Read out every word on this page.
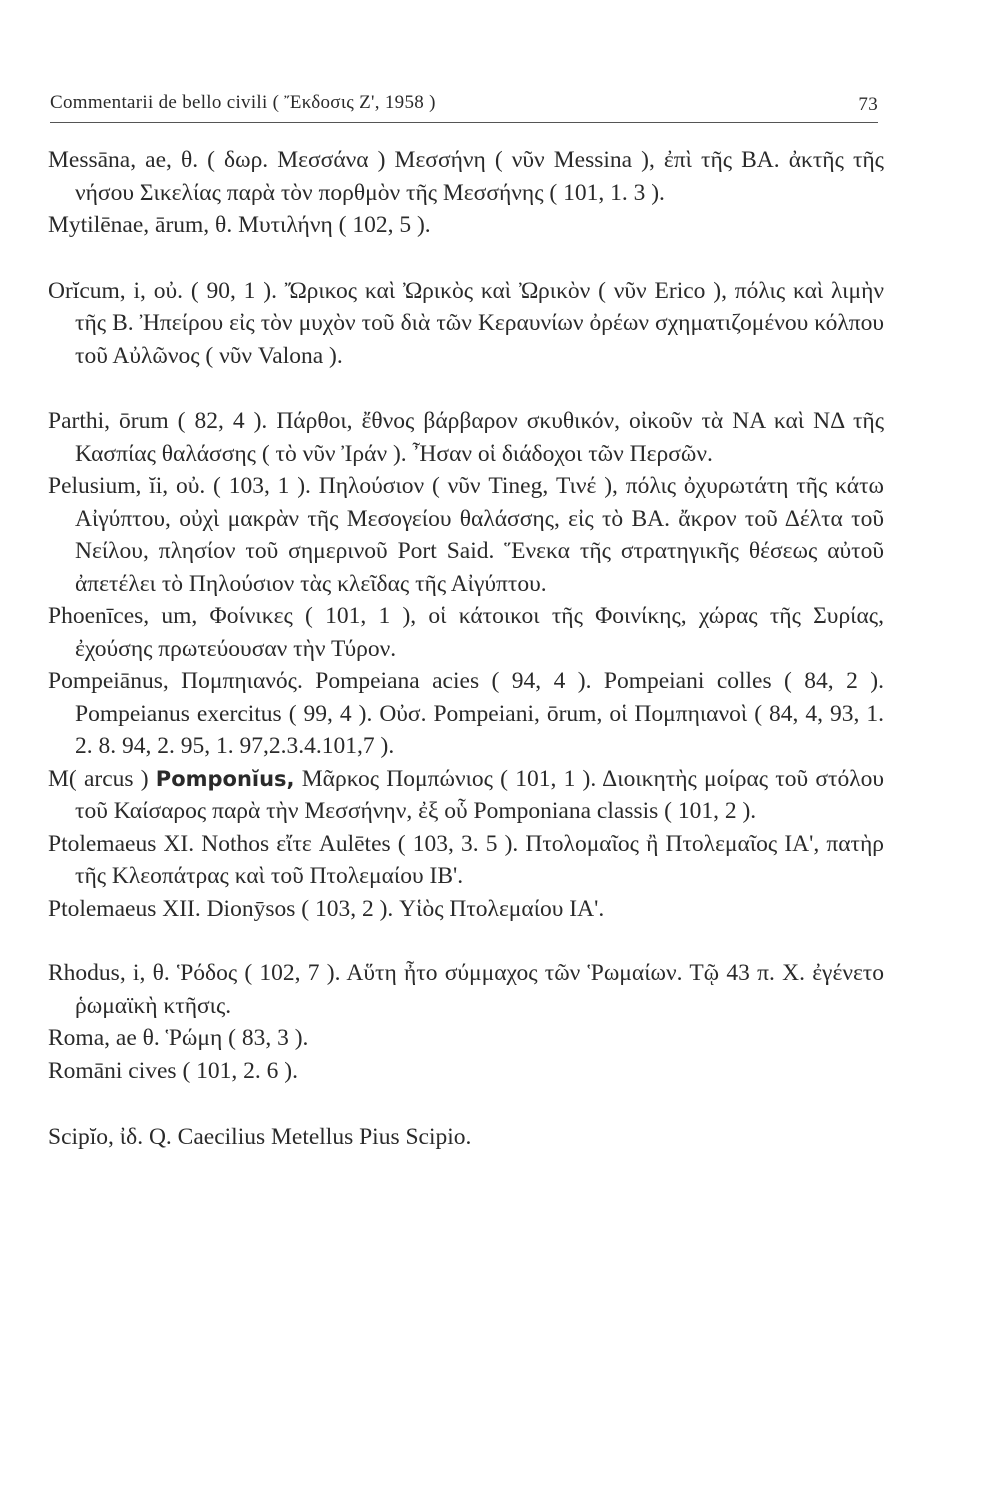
Commentarii de bello civili ( Ἔκδοσις Ζ', 1958 )	73
Messāna, ae, θ. ( δωρ. Μεσσάνα ) Μεσσήνη ( νῦν Messina ), ἐπὶ τῆς ΒΑ. ἀκτῆς τῆς νήσου Σικελίας παρὰ τὸν πορθμὸν τῆς Μεσσήνης ( 101, 1. 3 ).
Mytilēnae, ārum, θ. Μυτιλήνη ( 102, 5 ).
Orĭcum, i, οὐ. ( 90, 1 ). Ὤρικος καὶ Ὠρικὸς καὶ Ὠρικὸν ( νῦν Erico ), πόλις καὶ λιμὴν τῆς Β. Ἠπείρου εἰς τὸν μυχὸν τοῦ διὰ τῶν Κεραυνίων ὀρέων σχηματιζομένου κόλπου τοῦ Αὐλῶνος ( νῦν Valona ).
Parthi, ōrum ( 82, 4 ). Πάρθοι, ἔθνος βάρβαρον σκυθικόν, οἰκοῦν τὰ ΝΑ καὶ ΝΔ τῆς Κασπίας θαλάσσης ( τὸ νῦν Ἰράν ). Ἦσαν οἱ διάδοχοι τῶν Περσῶν.
Pelusium, ĭi, οὐ. ( 103, 1 ). Πηλούσιον ( νῦν Tineg, Τινέ ), πόλις ὀχυρωτάτη τῆς κάτω Αἰγύπτου, οὐχὶ μακρὰν τῆς Μεσογείου θαλάσσης, εἰς τὸ ΒΑ. ἄκρον τοῦ Δέλτα τοῦ Νείλου, πλησίον τοῦ σημερινοῦ Port Said. Ἕνεκα τῆς στρατηγικῆς θέσεως αὐτοῦ ἀπετέλει τὸ Πηλούσιον τὰς κλεῖδας τῆς Αἰγύπτου.
Phoenīces, um, Φοίνικες ( 101, 1 ), οἱ κάτοικοι τῆς Φοινίκης, χώρας τῆς Συρίας, ἐχούσης πρωτεύουσαν τὴν Τύρον.
Pompeiānus, Πομπηιανός. Pompeiana acies ( 94, 4 ). Pompeiani colles ( 84, 2 ). Pompeianus exercitus ( 99, 4 ). Οὐσ. Pompeiani, ōrum, οἱ Πομπηιανοὶ ( 84, 4, 93, 1. 2. 8. 94, 2. 95, 1. 97,2.3.4.101,7 ).
M( arcus ) Pomponĭus, Μᾶρκος Πομπώνιος ( 101, 1 ). Διοικητὴς μοίρας τοῦ στόλου τοῦ Καίσαρος παρὰ τὴν Μεσσήνην, ἐξ οὗ Pomponiana classis ( 101, 2 ).
Ptolemaeus XI. Nothos εἴτε Aulētes ( 103, 3. 5 ). Πτολομαῖος ἢ Πτολεμαῖος ΙΑ', πατὴρ τῆς Κλεοπάτρας καὶ τοῦ Πτολεμαίου ΙΒ'.
Ptolemaeus XII. Dionȳsos ( 103, 2 ). Υἱὸς Πτολεμαίου ΙΑ'.
Rhodus, i, θ. Ῥόδος ( 102, 7 ). Αὕτη ἦτο σύμμαχος τῶν Ῥωμαίων. Τῷ 43 π. Χ. ἐγένετο ῥωμαϊκὴ κτῆσις.
Roma, ae θ. Ῥώμη ( 83, 3 ).
Romāni cives ( 101, 2. 6 ).
Scipĭo, ἰδ. Q. Caecilius Metellus Pius Scipio.
